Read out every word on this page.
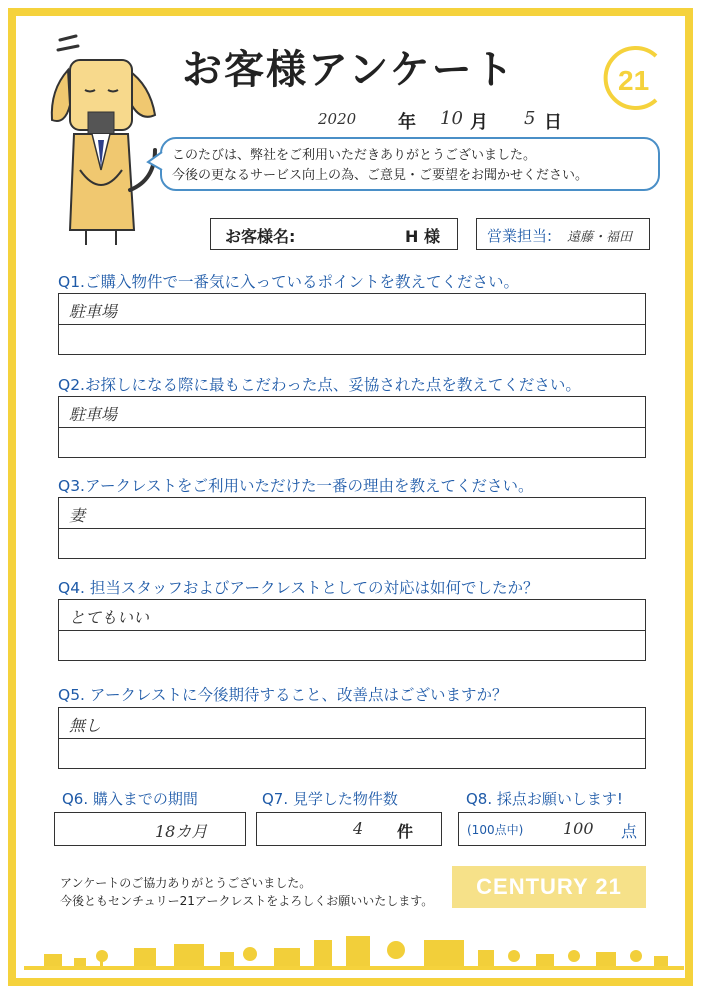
お客様アンケート	21
2020 年 10 月 5 日
このたびは、弊社をご利用いただきありがとうございました。
今後の更なるサービス向上の為、ご意見・ご要望をお聞かせください。
お客様名:	H 様	営業担当: 遠藤・福田
Q1.ご購入物件で一番気に入っているポイントを教えてください。
駐車場
Q2.お探しになる際に最もこだわった点、妥協された点を教えてください。
駐車場
Q3.アークレストをご利用いただけた一番の理由を教えてください。
妻
Q4. 担当スタッフおよびアークレストとしての対応は如何でしたか？
とてもいい
Q5. アークレストに今後期待すること、改善点はございますか？
無し
Q6. 購入までの期間	Q7. 見学した物件数	Q8. 採点お願いします!
18カ月	4 件	(100点中) 100 点
アンケートのご協力ありがとうございました。
今後ともセンチュリー21アークレストをよろしくお願いいたします。
CENTURY 21
